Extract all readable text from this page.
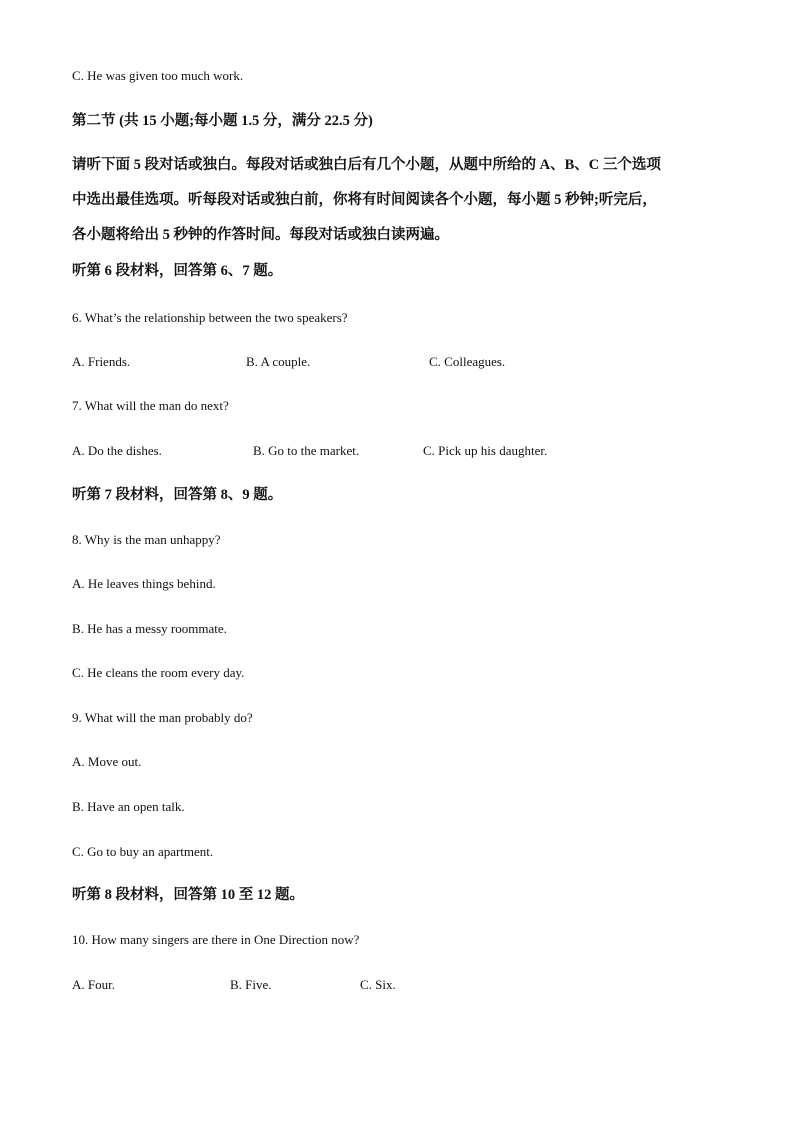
C. He was given too much work.
第二节 (共 15 小题;每小题 1.5 分，满分 22.5 分)
请听下面 5 段对话或独白。每段对话或独白后有几个小题，从题中所给的 A、B、C 三个选项
中选出最佳选项。听每段对话或独白前，你将有时间阅读各个小题，每小题 5 秒钟;听完后，
各小题将给出 5 秒钟的作答时间。每段对话或独白读两遍。
听第 6 段材料，回答第 6、7 题。
6. What’s the relationship between the two speakers?
A. Friends.	B. A couple.	C. Colleagues.
7. What will the man do next?
A. Do the dishes.	B. Go to the market.	C. Pick up his daughter.
听第 7 段材料，回答第 8、9 题。
8. Why is the man unhappy?
A. He leaves things behind.
B. He has a messy roommate.
C. He cleans the room every day.
9. What will the man probably do?
A. Move out.
B. Have an open talk.
C. Go to buy an apartment.
听第 8 段材料，回答第 10 至 12 题。
10. How many singers are there in One Direction now?
A. Four.	B. Five.	C. Six.
